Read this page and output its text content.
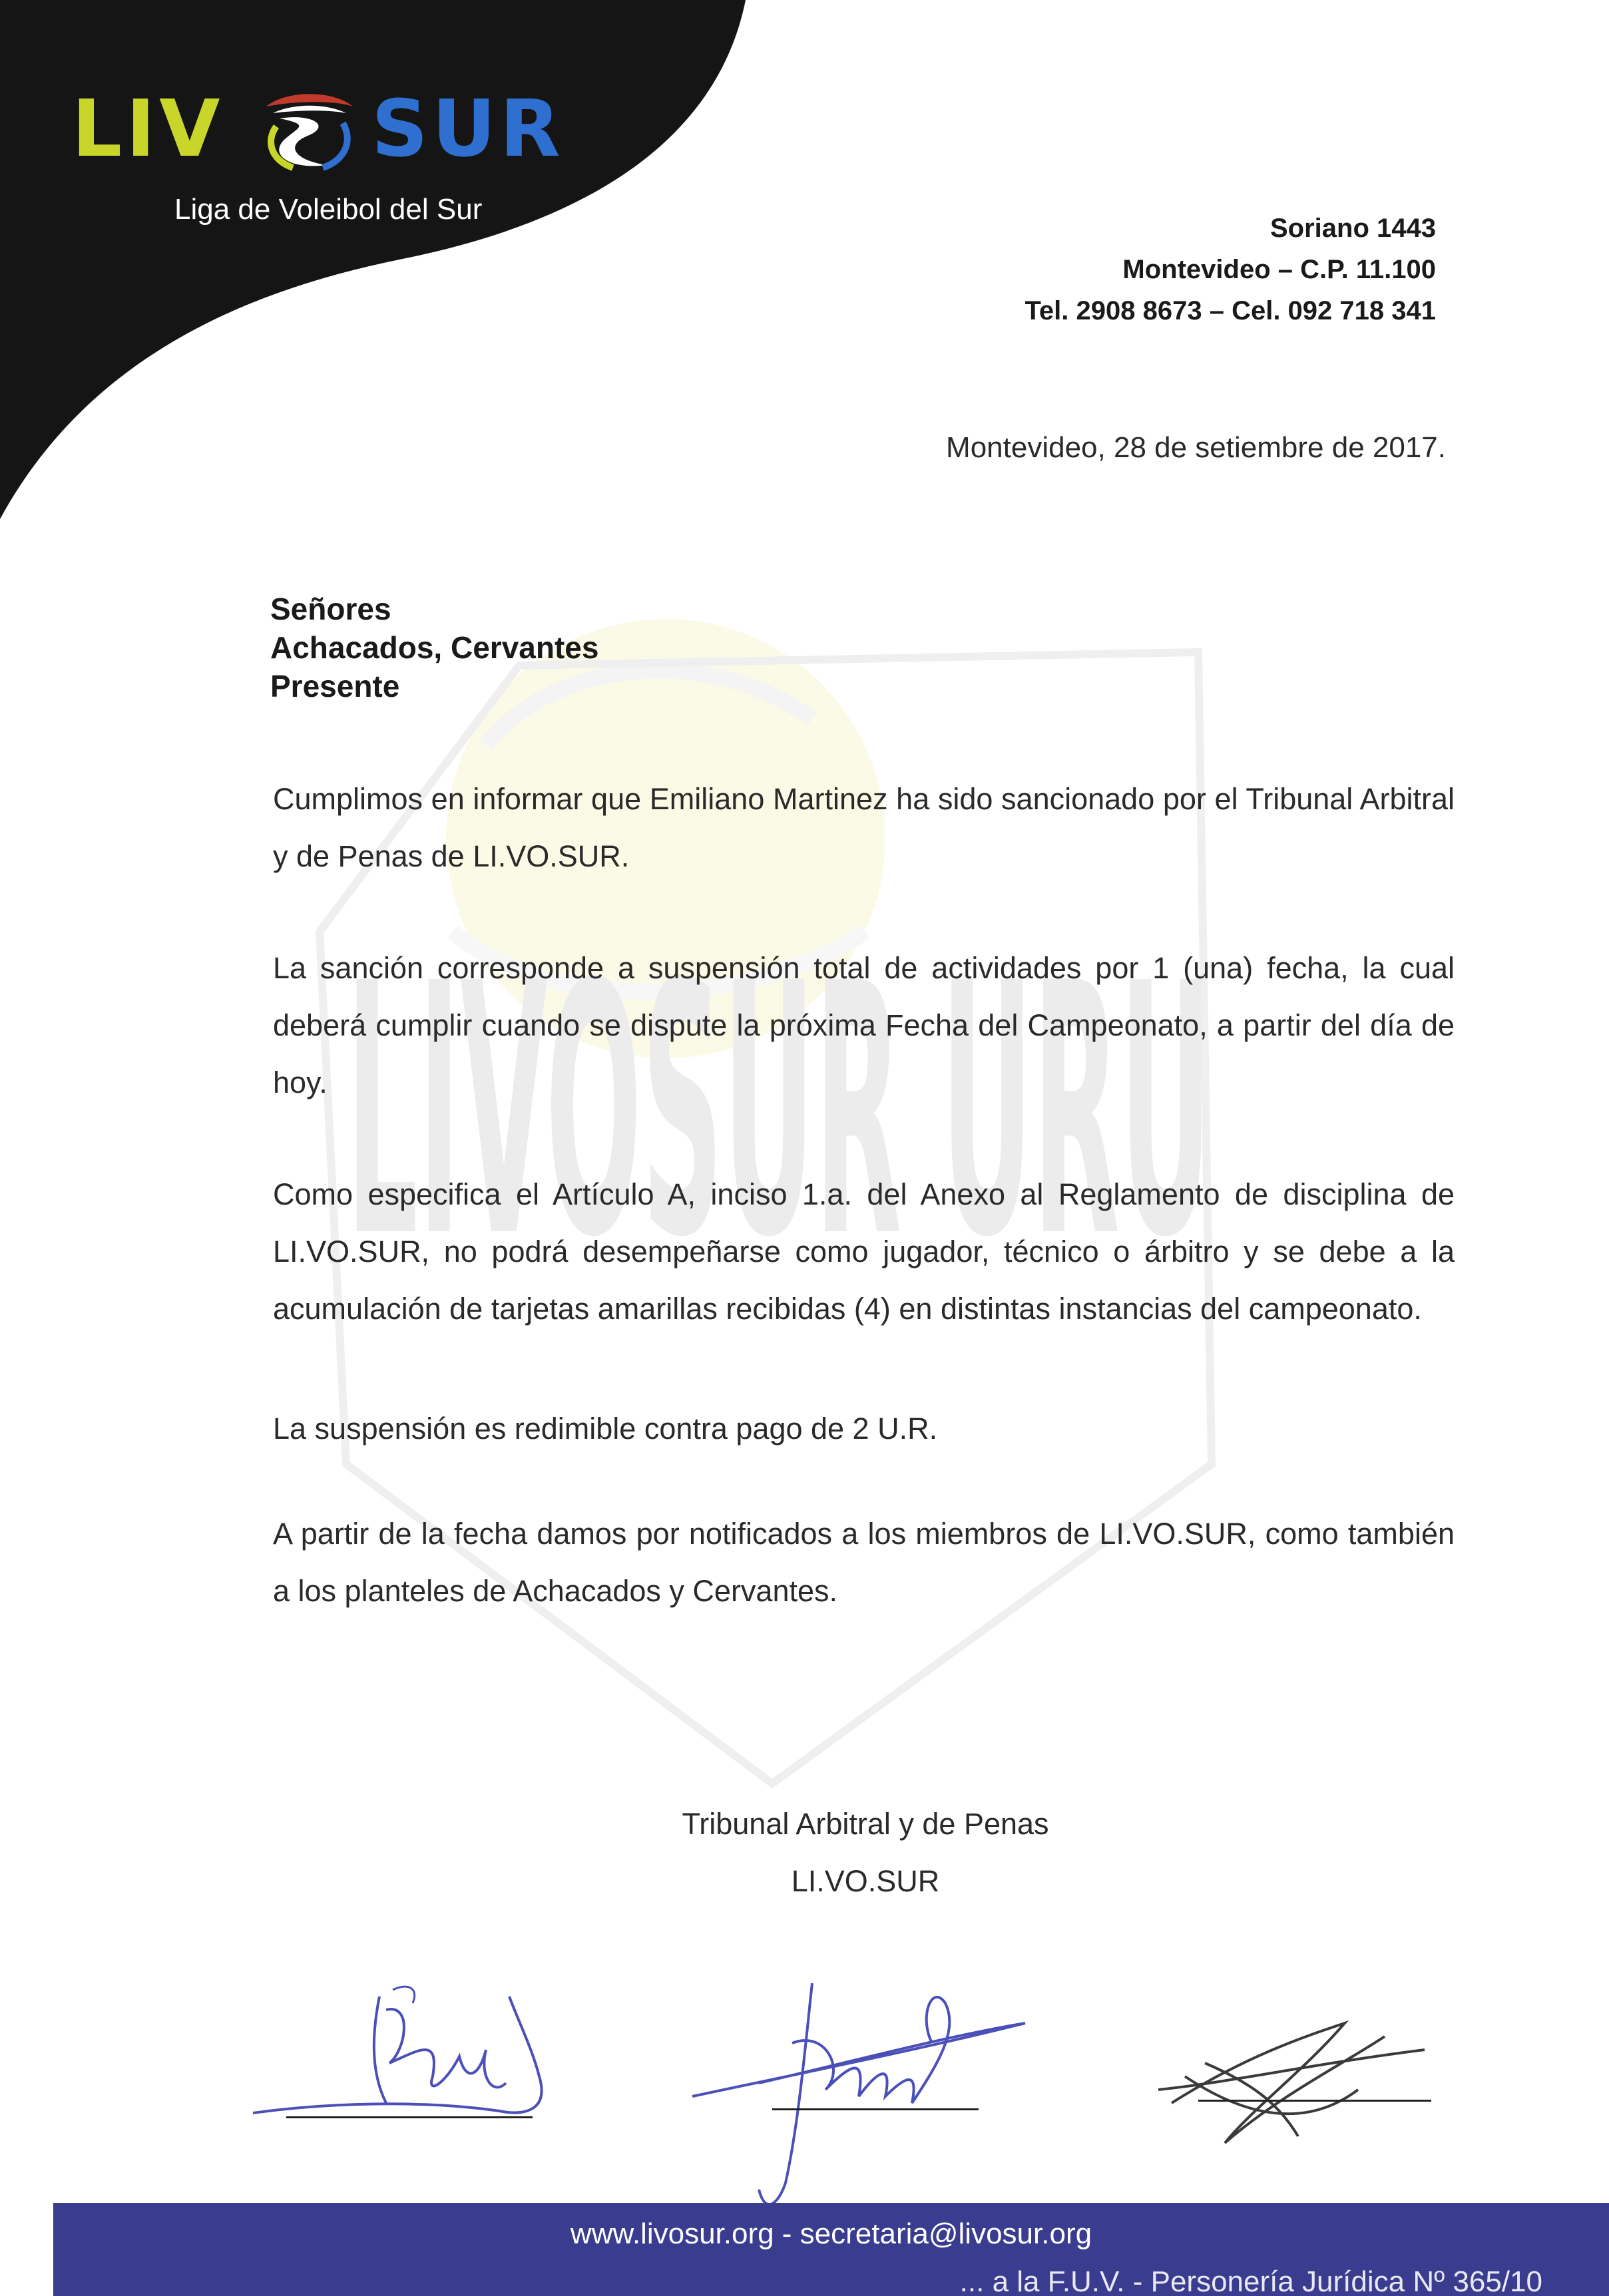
LIV SUR
Liga de Voleibol del Sur
Soriano 1443
Montevideo – C.P. 11.100
Tel. 2908 8673 – Cel. 092 718 341
LIVOSUR URU
Montevideo, 28 de setiembre de 2017.
Señores
Achacados, Cervantes
Presente
Cumplimos en informar que Emiliano Martinez ha sido sancionado por el Tribunal Arbitral y de Penas de LI.VO.SUR.
La sanción corresponde a suspensión total de actividades por 1 (una) fecha, la cual deberá cumplir cuando se dispute la próxima Fecha del Campeonato, a partir del día de hoy.
Como especifica el Artículo A, inciso 1.a. del Anexo al Reglamento de disciplina de LI.VO.SUR, no podrá desempeñarse como jugador, técnico o árbitro y se debe a la acumulación de tarjetas amarillas recibidas (4) en distintas instancias del campeonato.
La suspensión es redimible contra pago de 2 U.R.
A partir de la fecha damos por notificados a los miembros de LI.VO.SUR, como también a los planteles de Achacados y Cervantes.
Tribunal Arbitral y de Penas
LI.VO.SUR
www.livosur.org - secretaria@livosur.org
... a la F.U.V. - Personería Jurídica Nº 365/10
